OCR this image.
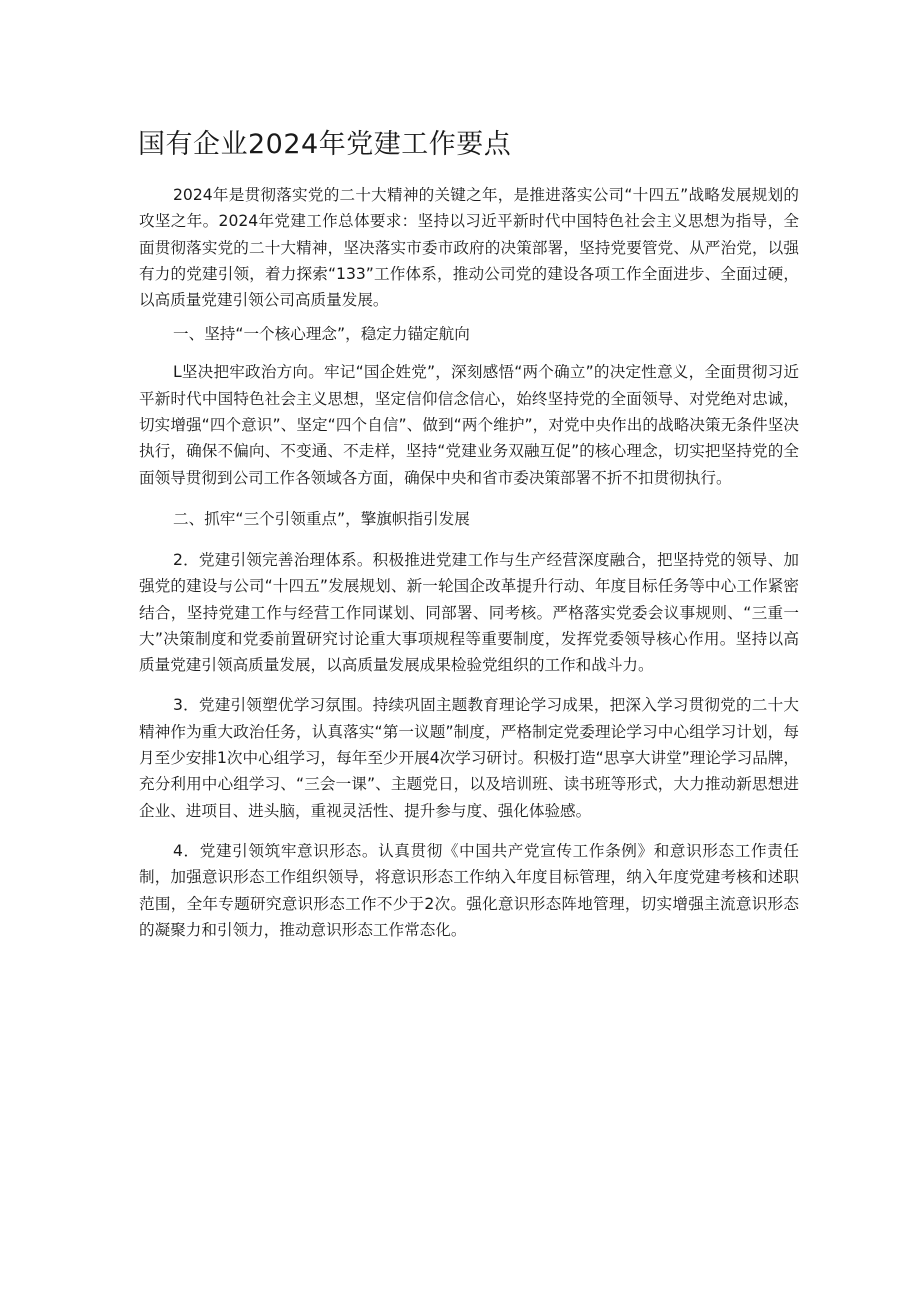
国有企业2024年党建工作要点

2024年是贯彻落实党的二十大精神的关键之年，是推进落实公司“十四五”战略发展规划的攻坚之年。2024年党建工作总体要求：坚持以习近平新时代中国特色社会主义思想为指导，全面贯彻落实党的二十大精神，坚决落实市委市政府的决策部署，坚持党要管党、从严治党，以强有力的党建引领，着力探索“133”工作体系，推动公司党的建设各项工作全面进步、全面过硬，以高质量党建引领公司高质量发展。

一、坚持“一个核心理念”，稳定力锚定航向

L坚决把牢政治方向。牢记“国企姓党”，深刻感悟“两个确立”的决定性意义，全面贯彻习近平新时代中国特色社会主义思想，坚定信仰信念信心，始终坚持党的全面领导、对党绝对忠诚，切实增强“四个意识”、坚定“四个自信”、做到“两个维护”，对党中央作出的战略决策无条件坚决执行，确保不偏向、不变通、不走样，坚持“党建业务双融互促”的核心理念，切实把坚持党的全面领导贯彻到公司工作各领域各方面，确保中央和省市委决策部署不折不扣贯彻执行。

二、抓牢“三个引领重点”，擎旗帜指引发展

2．党建引领完善治理体系。积极推进党建工作与生产经营深度融合，把坚持党的领导、加强党的建设与公司“十四五”发展规划、新一轮国企改革提升行动、年度目标任务等中心工作紧密结合，坚持党建工作与经营工作同谋划、同部署、同考核。严格落实党委会议事规则、“三重一大”决策制度和党委前置研究讨论重大事项规程等重要制度，发挥党委领导核心作用。坚持以高质量党建引领高质量发展，以高质量发展成果检验党组织的工作和战斗力。

3．党建引领塑优学习氛围。持续巩固主题教育理论学习成果，把深入学习贯彻党的二十大精神作为重大政治任务，认真落实“第一议题”制度，严格制定党委理论学习中心组学习计划，每月至少安排1次中心组学习，每年至少开展4次学习研讨。积极打造“思享大讲堂”理论学习品牌，充分利用中心组学习、“三会一课”、主题党日，以及培训班、读书班等形式，大力推动新思想进企业、进项目、进头脑，重视灵活性、提升参与度、强化体验感。

4．党建引领筑牢意识形态。认真贯彻《中国共产党宣传工作条例》和意识形态工作责任制，加强意识形态工作组织领导，将意识形态工作纳入年度目标管理，纳入年度党建考核和述职范围，全年专题研究意识形态工作不少于2次。强化意识形态阵地管理，切实增强主流意识形态的凝聚力和引领力，推动意识形态工作常态化。
